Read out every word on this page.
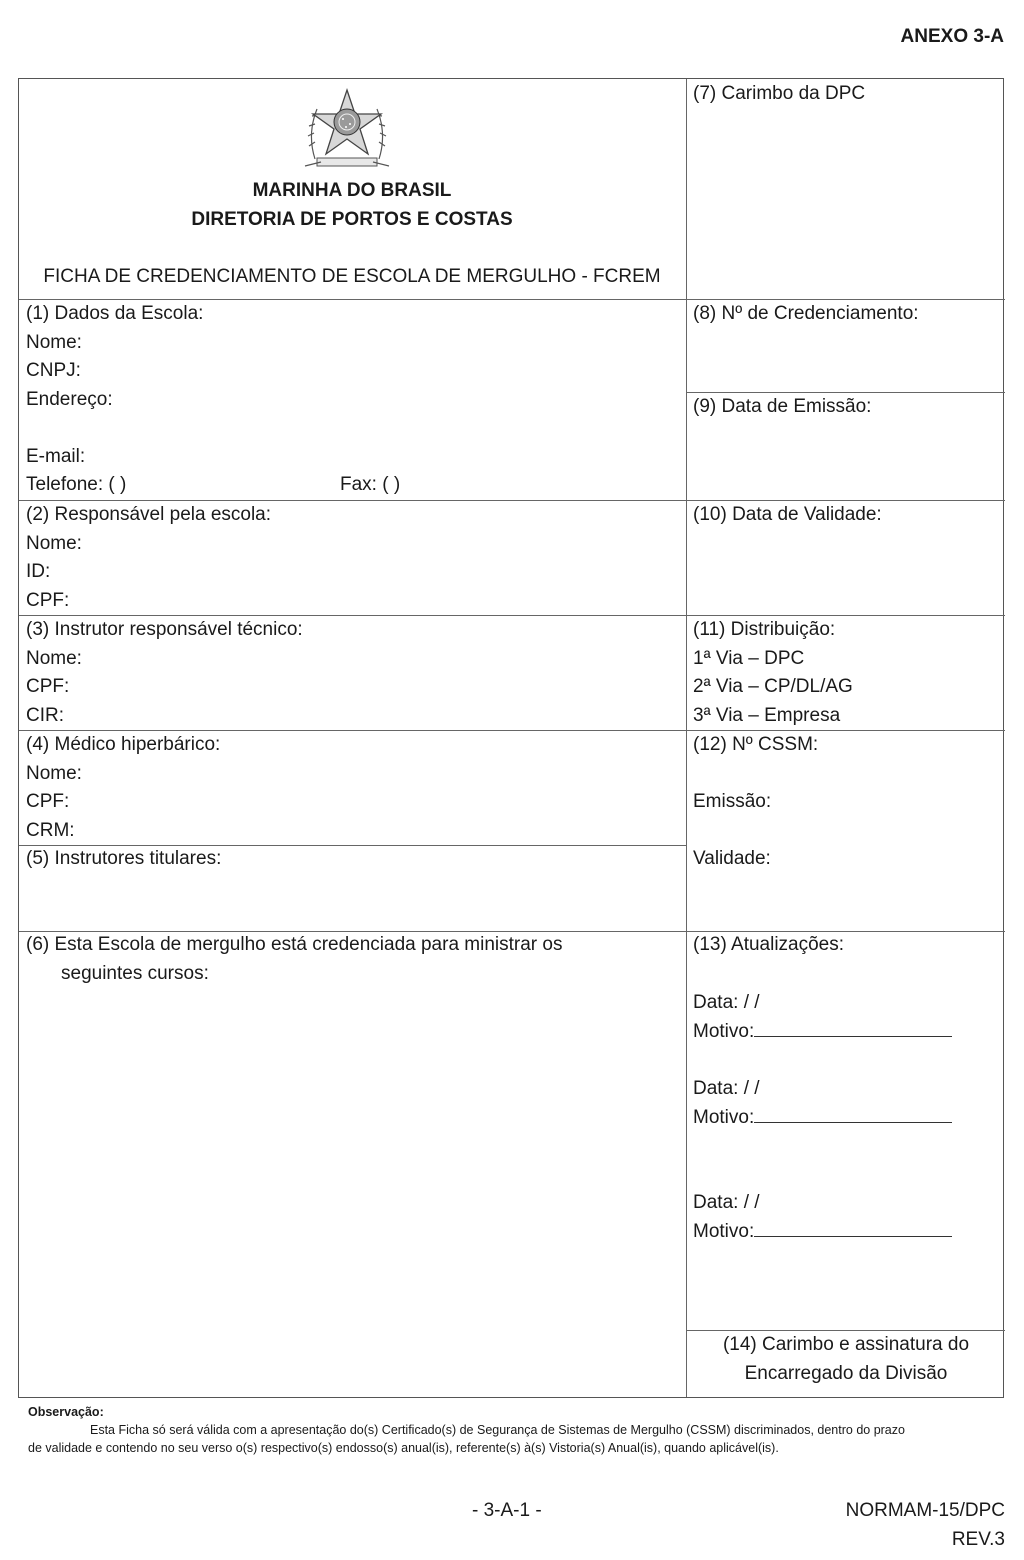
ANEXO 3-A
MARINHA DO BRASIL
DIRETORIA DE PORTOS E COSTAS
FICHA DE CREDENCIAMENTO DE ESCOLA DE MERGULHO - FCREM
(7) Carimbo da DPC
(1) Dados da Escola:
Nome:
CNPJ:
Endereço:
E-mail:
Telefone: ( )	Fax: ( )
(8) Nº de Credenciamento:
(9) Data de Emissão:
(2) Responsável pela escola:
Nome:
ID:
CPF:
(10) Data de Validade:
(3) Instrutor responsável técnico:
Nome:
CPF:
CIR:
(11) Distribuição:
1ª Via – DPC
2ª Via – CP/DL/AG
3ª Via – Empresa
(4) Médico hiperbárico:
Nome:
CPF:
CRM:
(12) Nº CSSM:
Emissão:
Validade:
(5) Instrutores titulares:
(6) Esta Escola de mergulho está credenciada para ministrar os
seguintes cursos:
(13) Atualizações:
Data: / /
Motivo:
Data: / /
Motivo:
Data: / /
Motivo:
(14) Carimbo e assinatura do
Encarregado da Divisão
Observação:
Esta Ficha só será válida com a apresentação do(s) Certificado(s) de Segurança de Sistemas de Mergulho (CSSM) discriminados, dentro do prazo
de validade e contendo no seu verso o(s) respectivo(s) endosso(s) anual(is), referente(s) à(s) Vistoria(s) Anual(is), quando aplicável(is).
- 3-A-1 -	NORMAM-15/DPC
REV.3
